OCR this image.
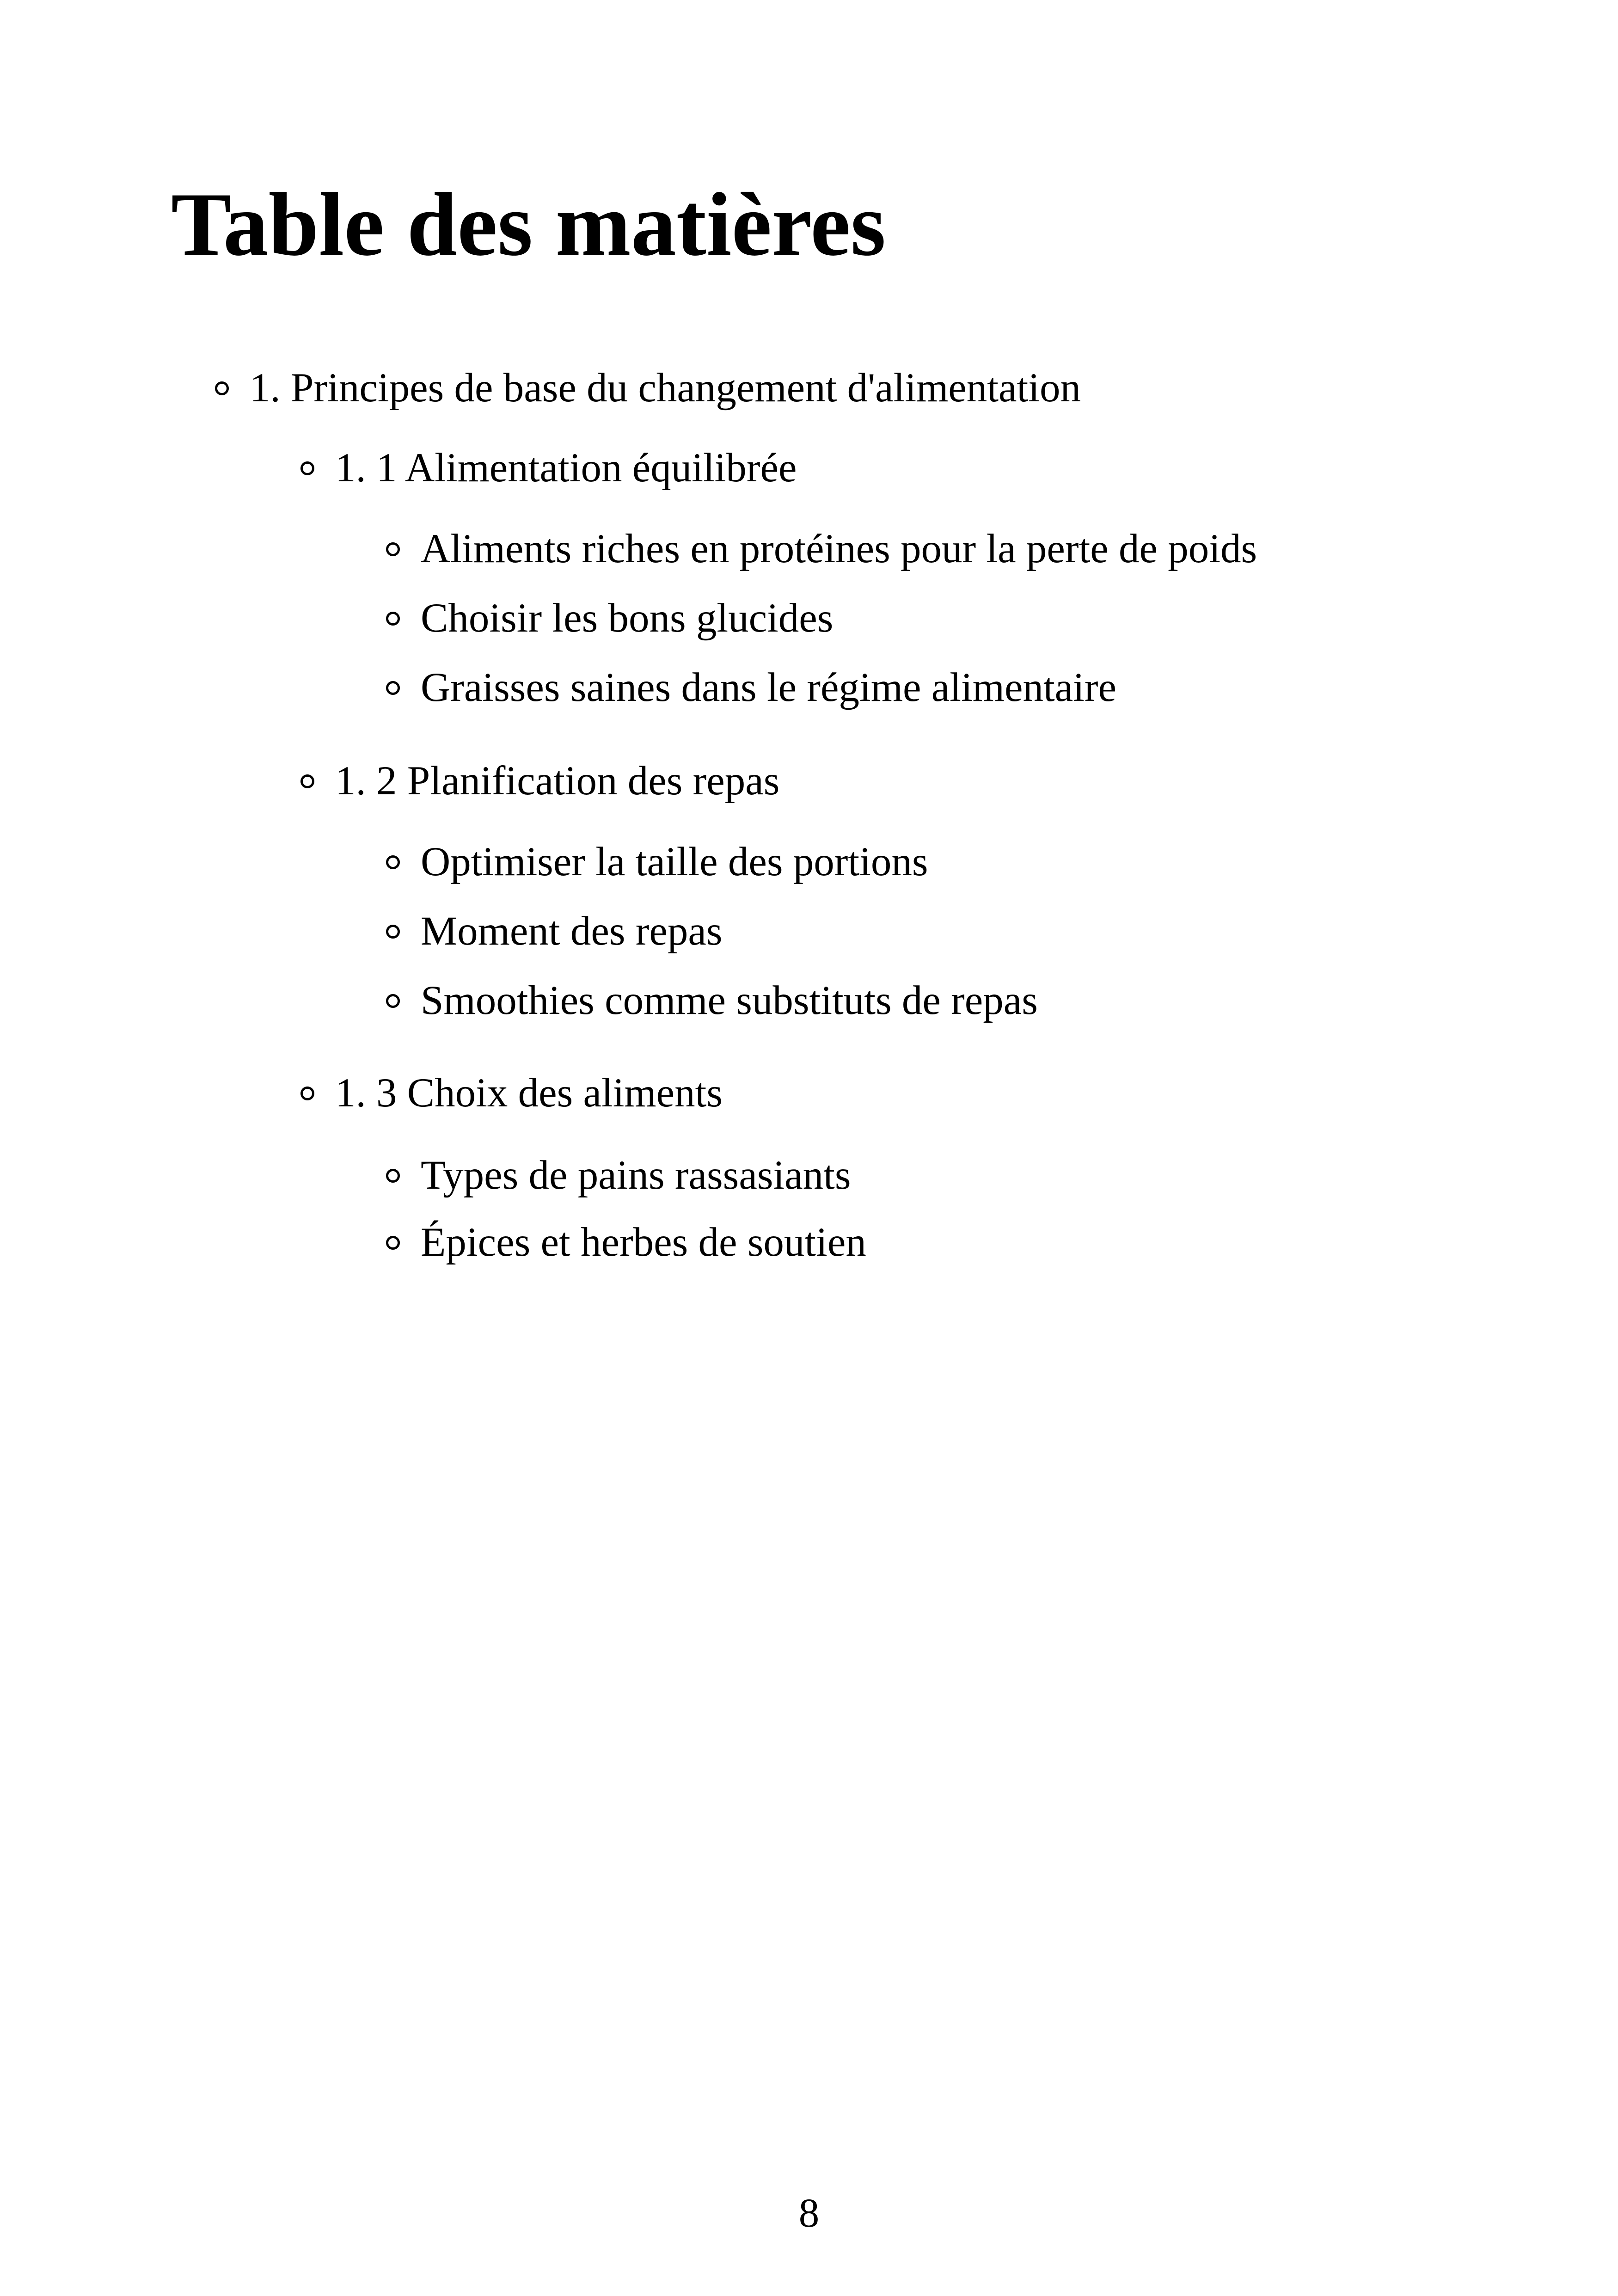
Table des matières
1. Principes de base du changement d'alimentation
1. 1 Alimentation équilibrée
Aliments riches en protéines pour la perte de poids
Choisir les bons glucides
Graisses saines dans le régime alimentaire
1. 2 Planification des repas
Optimiser la taille des portions
Moment des repas
Smoothies comme substituts de repas
1. 3 Choix des aliments
Types de pains rassasiants
Épices et herbes de soutien
8
